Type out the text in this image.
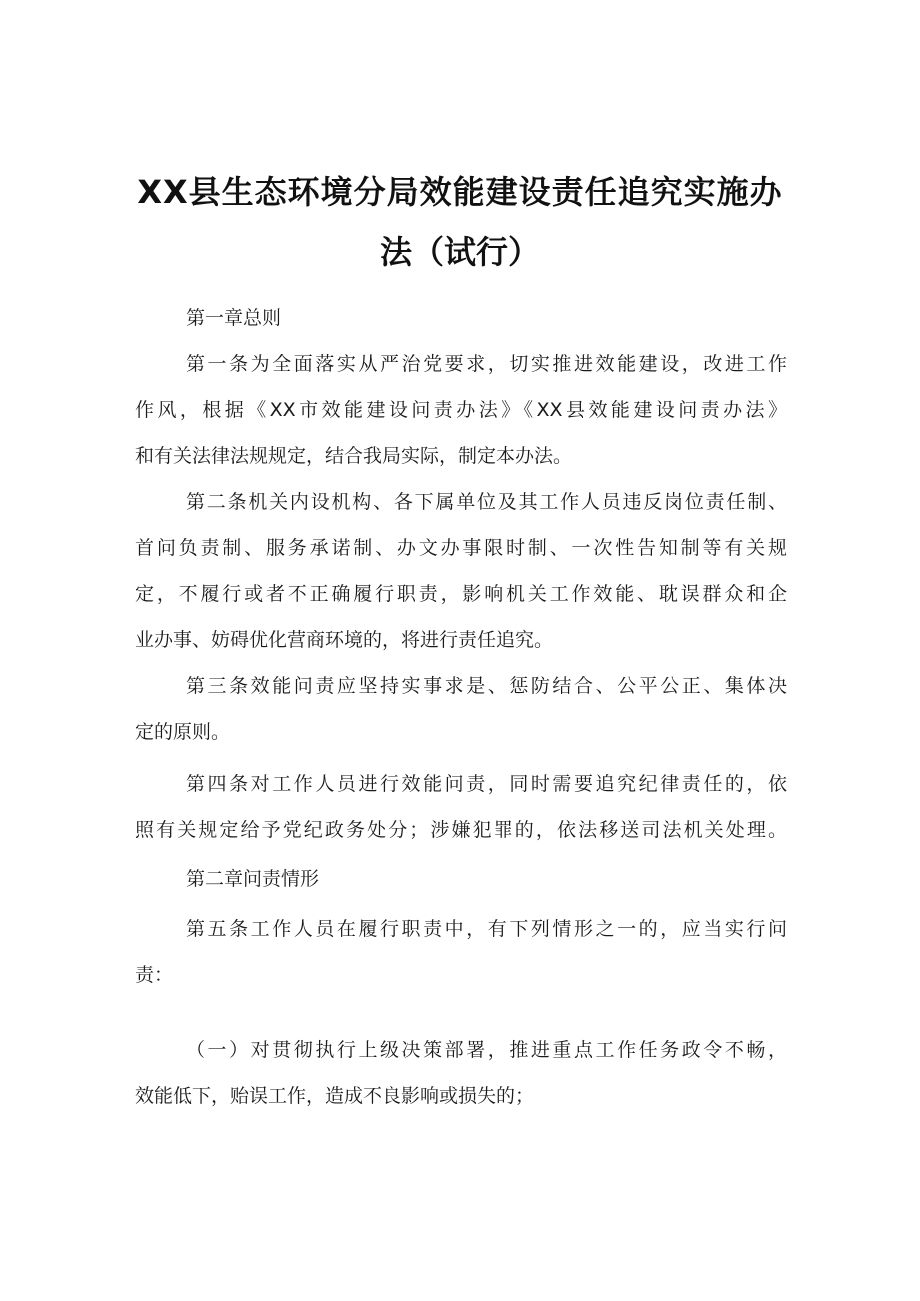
XX县生态环境分局效能建设责任追究实施办
法（试行）
第一章总则
第一条为全面落实从严治党要求，切实推进效能建设，改进工作
作风，根据《XX市效能建设问责办法》《XX县效能建设问责办法》
和有关法律法规规定，结合我局实际，制定本办法。
第二条机关内设机构、各下属单位及其工作人员违反岗位责任制、
首问负责制、服务承诺制、办文办事限时制、一次性告知制等有关规
定，不履行或者不正确履行职责，影响机关工作效能、耽误群众和企
业办事、妨碍优化营商环境的，将进行责任追究。
第三条效能问责应坚持实事求是、惩防结合、公平公正、集体决
定的原则。
第四条对工作人员进行效能问责，同时需要追究纪律责任的，依
照有关规定给予党纪政务处分；涉嫌犯罪的，依法移送司法机关处理。
第二章问责情形
第五条工作人员在履行职责中，有下列情形之一的，应当实行问
责：
（一）对贯彻执行上级决策部署，推进重点工作任务政令不畅，
效能低下，贻误工作，造成不良影响或损失的；
